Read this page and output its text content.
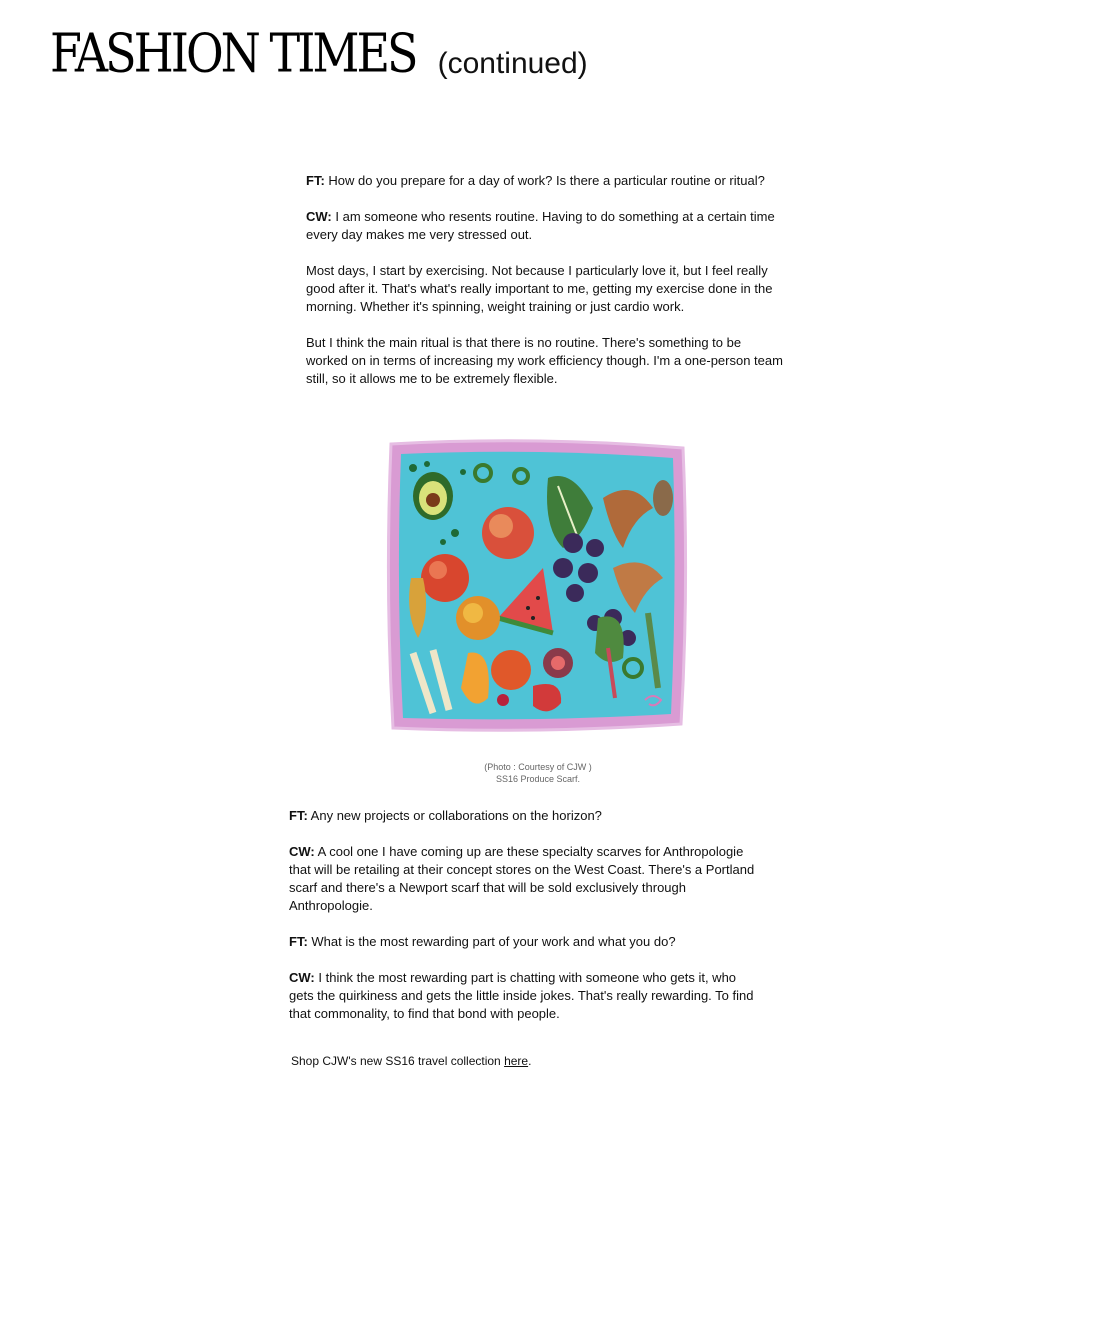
FASHION TIMES (continued)

FT: How do you prepare for a day of work? Is there a particular routine or ritual?

CW: I am someone who resents routine. Having to do something at a certain time every day makes me very stressed out.

Most days, I start by exercising. Not because I particularly love it, but I feel really good after it. That's what's really important to me, getting my exercise done in the morning. Whether it's spinning, weight training or just cardio work.

But I think the main ritual is that there is no routine. There's something to be worked on in terms of increasing my work efficiency though. I'm a one-person team still, so it allows me to be extremely flexible.

(Photo : Courtesy of CJW )
SS16 Produce Scarf.

FT: Any new projects or collaborations on the horizon?

CW: A cool one I have coming up are these specialty scarves for Anthropologie that will be retailing at their concept stores on the West Coast. There's a Portland scarf and there's a Newport scarf that will be sold exclusively through Anthropologie.

FT: What is the most rewarding part of your work and what you do?

CW: I think the most rewarding part is chatting with someone who gets it, who gets the quirkiness and gets the little inside jokes. That's really rewarding. To find that commonality, to find that bond with people.

Shop CJW's new SS16 travel collection here.
